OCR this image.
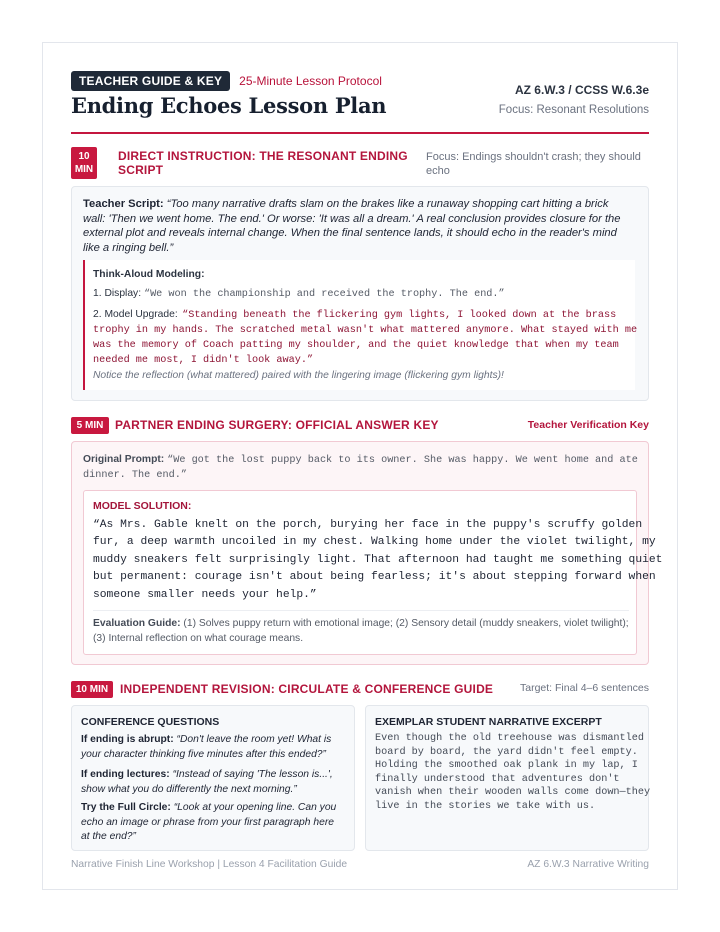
TEACHER GUIDE & KEY	25-Minute Lesson Protocol
Ending Echoes Lesson Plan
AZ 6.W.3 / CCSS W.6.3e
Focus: Resonant Resolutions
10
MIN
DIRECT INSTRUCTION: THE RESONANT ENDING
SCRIPT
Focus: Endings shouldn't crash; they should
echo
Teacher Script: “Too many narrative drafts slam on the brakes like a runaway shopping cart hitting a brick
wall: 'Then we went home. The end.' Or worse: 'It was all a dream.' A real conclusion provides closure for the
external plot and reveals internal change. When the final sentence lands, it should echo in the reader's mind
like a ringing bell.”
Think-Aloud Modeling:
1. Display: “We won the championship and received the trophy. The end.”
2. Model Upgrade: “Standing beneath the flickering gym lights, I looked down at the brass
trophy in my hands. The scratched metal wasn't what mattered anymore. What stayed with me
was the memory of Coach patting my shoulder, and the quiet knowledge that when my team
needed me most, I didn't look away.”
Notice the reflection (what mattered) paired with the lingering image (flickering gym lights)!
5 MIN PARTNER ENDING SURGERY: OFFICIAL ANSWER KEY	Teacher Verification Key
Original Prompt: “We got the lost puppy back to its owner. She was happy. We went home and ate
dinner. The end.”
MODEL SOLUTION:
“As Mrs. Gable knelt on the porch, burying her face in the puppy's scruffy golden
fur, a deep warmth uncoiled in my chest. Walking home under the violet twilight, my
muddy sneakers felt surprisingly light. That afternoon had taught me something quiet
but permanent: courage isn't about being fearless; it's about stepping forward when
someone smaller needs your help.”
Evaluation Guide: (1) Solves puppy return with emotional image; (2) Sensory detail (muddy sneakers, violet twilight);
(3) Internal reflection on what courage means.
10 MIN INDEPENDENT REVISION: CIRCULATE & CONFERENCE GUIDE	Target: Final 4–6 sentences
CONFERENCE QUESTIONS
If ending is abrupt: “Don't leave the room yet! What is
your character thinking five minutes after this ended?”
If ending lectures: “Instead of saying 'The lesson is...',
show what you do differently the next morning.”
Try the Full Circle: “Look at your opening line. Can you
echo an image or phrase from your first paragraph here
at the end?”
EXEMPLAR STUDENT NARRATIVE EXCERPT
Even though the old treehouse was dismantled
board by board, the yard didn't feel empty.
Holding the smoothed oak plank in my lap, I
finally understood that adventures don't
vanish when their wooden walls come down—they
live in the stories we take with us.
Narrative Finish Line Workshop | Lesson 4 Facilitation Guide	AZ 6.W.3 Narrative Writing
